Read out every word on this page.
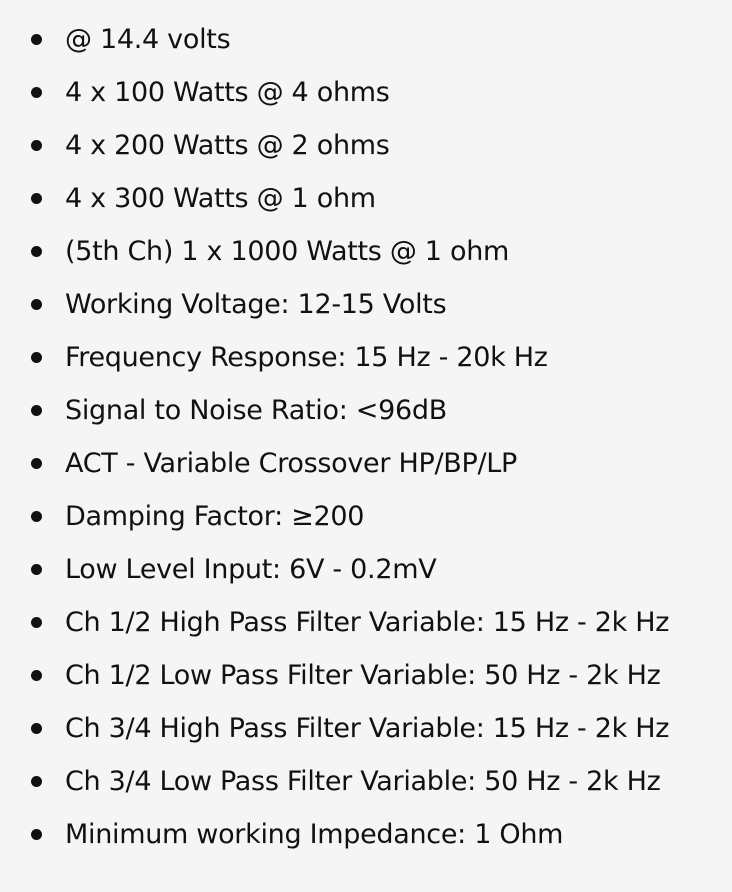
@ 14.4 volts
4 x 100 Watts @ 4 ohms
4 x 200 Watts @ 2 ohms
4 x 300 Watts @ 1 ohm
(5th Ch) 1 x 1000 Watts @ 1 ohm
Working Voltage: 12-15 Volts
Frequency Response: 15 Hz - 20k Hz
Signal to Noise Ratio: <96dB
ACT - Variable Crossover HP/BP/LP
Damping Factor: ≥200
Low Level Input: 6V - 0.2mV
Ch 1/2 High Pass Filter Variable: 15 Hz - 2k Hz
Ch 1/2 Low Pass Filter Variable: 50 Hz - 2k Hz
Ch 3/4 High Pass Filter Variable: 15 Hz - 2k Hz
Ch 3/4 Low Pass Filter Variable: 50 Hz - 2k Hz
Minimum working Impedance: 1 Ohm
